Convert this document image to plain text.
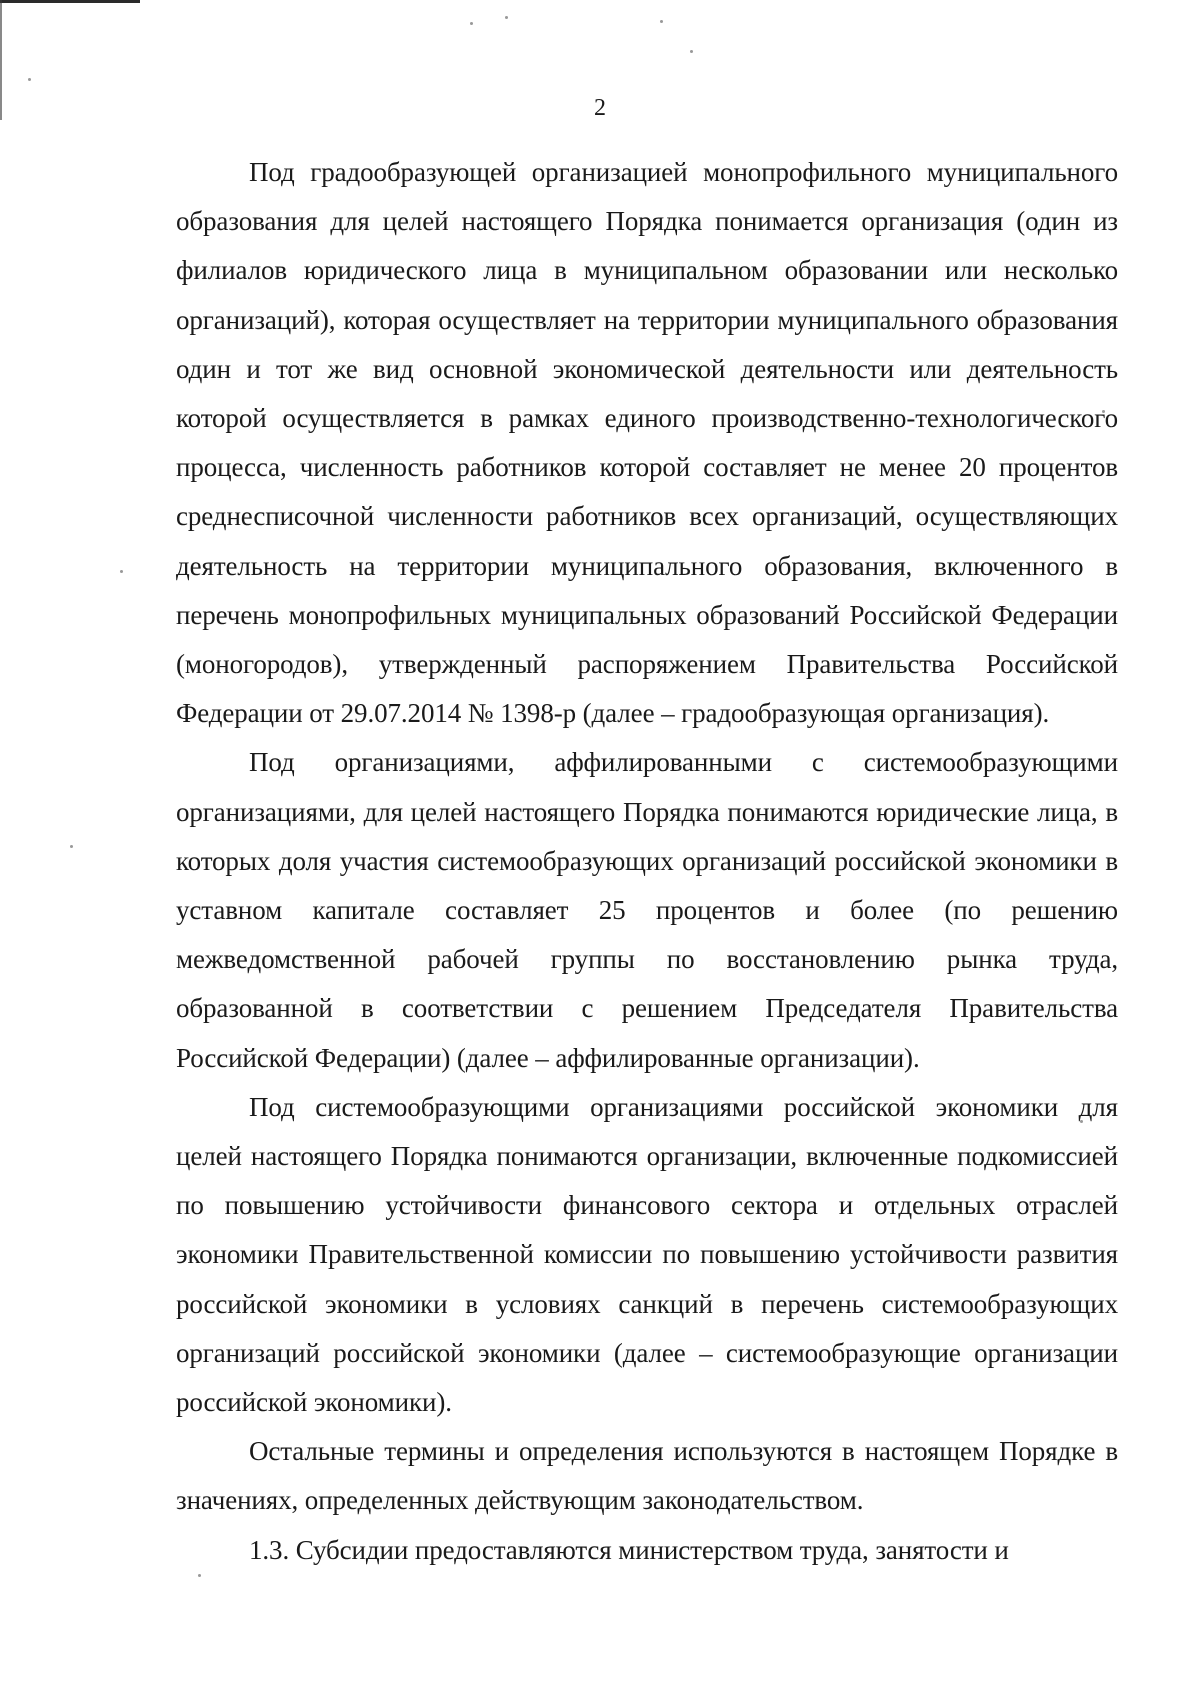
2

Под градообразующей организацией монопрофильного муниципального образования для целей настоящего Порядка понимается организация (один из филиалов юридического лица в муниципальном образовании или несколько организаций), которая осуществляет на территории муниципального образования один и тот же вид основной экономической деятельности или деятельность которой осуществляется в рамках единого производственно-технологического процесса, численность работников которой составляет не менее 20 процентов среднесписочной численности работников всех организаций, осуществляющих деятельность на территории муниципального образования, включенного в перечень монопрофильных муниципальных образований Российской Федерации (моногородов), утвержденный распоряжением Правительства Российской Федерации от 29.07.2014 № 1398-р (далее – градообразующая организация).

Под организациями, аффилированными с системообразующими организациями, для целей настоящего Порядка понимаются юридические лица, в которых доля участия системообразующих организаций российской экономики в уставном капитале составляет 25 процентов и более (по решению межведомственной рабочей группы по восстановлению рынка труда, образованной в соответствии с решением Председателя Правительства Российской Федерации) (далее – аффилированные организации).

Под системообразующими организациями российской экономики для целей настоящего Порядка понимаются организации, включенные подкомиссией по повышению устойчивости финансового сектора и отдельных отраслей экономики Правительственной комиссии по повышению устойчивости развития российской экономики в условиях санкций в перечень системообразующих организаций российской экономики (далее – системообразующие организации российской экономики).

Остальные термины и определения используются в настоящем Порядке в значениях, определенных действующим законодательством.

1.3. Субсидии предоставляются министерством труда, занятости и
